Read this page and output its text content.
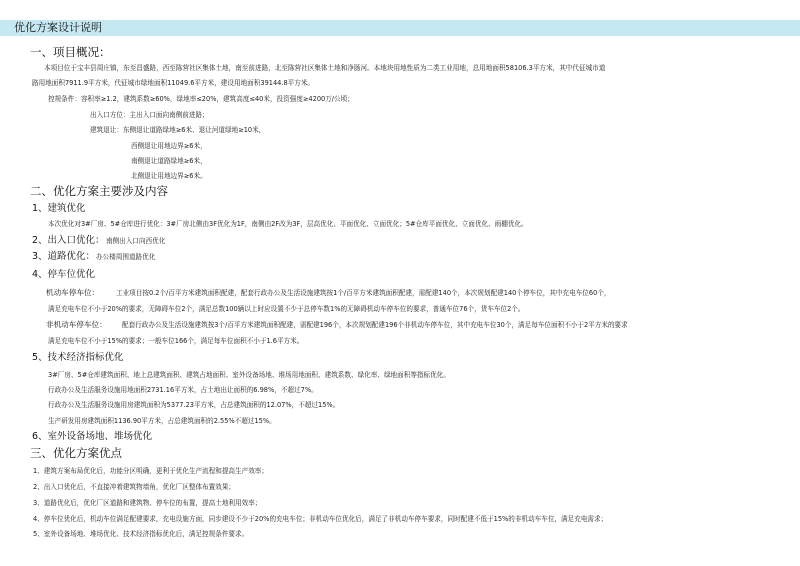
优化方案设计说明
一、项目概况：
本项目位于宝丰县周庄镇，东至昌盛路，西至陈营社区集体土地，南至前进路，北至陈营社区集体土地和净肠河。本地块用地性质为二类工业用地，总用地面积58106.3平方米，其中代征城市道
路用地面积7911.9平方米，代征城市绿地面积11049.6平方米，建设用地面积39144.8平方米。
控规条件：容积率≥1.2，建筑系数≥60%，绿地率≤20%，建筑高度≤40米，投资强度≥4200万/公顷；
出入口方位：主出入口面向南侧前进路；
建筑退让：东侧退让道路绿地≥6米、退让河道绿地≥10米，
西侧退让用地边界≥6米，
南侧退让道路绿地≥6米，
北侧退让用地边界≥6米。
二、优化方案主要涉及内容
1、建筑优化
本次优化对3#厂房、5#仓库进行优化：3#厂房北侧由3F优化为1F，南侧由2F改为3F，层高优化、平面优化、立面优化；5#仓库平面优化、立面优化、雨棚优化。
2、出入口优化： 南侧出入口向西优化
3、道路优化： 办公楼周围道路优化
4、停车位优化
机动车停车位：	工业项目按0.2个/百平方米建筑面积配建，配套行政办公及生活设施建筑按1个/百平方米建筑面积配建，需配建140个，本次规划配建140个停车位，其中充电车位60个，
满足充电车位不小于20%的要求，无障碍车位2个，满足总数100辆以上时应设置不少于总停车数1%的无障碍机动车停车位的要求，普通车位76个，货车车位2个。
非机动车停车位： 配套行政办公及生活设施建筑按3个/百平方米建筑面积配建，需配建196个，本次规划配建196个非机动车停车位，其中充电车位30个，满足每车位面积不小于2平方米的要求
满足充电车位不小于15%的要求；一般车位166个，满足每车位面积不小于1.6平方米。
5、技术经济指标优化
3#厂房、5#仓库建筑面积、地上总建筑面积、建筑占地面积、室外设备场地、堆场用地面积、建筑系数、绿化率、绿地面积等指标优化。
行政办公及生活服务设施用地面积2731.16平方米，占土地出让面积的6.98%，不超过7%。
行政办公及生活服务设施用房建筑面积为5377.23平方米，占总建筑面积的12.07%，不超过15%。
生产研发用房建筑面积1136.90平方米，占总建筑面积的2.55%不超过15%。
6、室外设备场地、堆场优化
三、优化方案优点
1、建筑方案布局优化后，功能分区明确，更利于优化生产流程和提高生产效率；
2、出入口优化后，不直接冲着建筑物墙角，优化厂区整体布置效果；
3、道路优化后，优化厂区道路和建筑物、停车位的布置，提高土地利用效率；
4、停车位优化后，机动车位满足配建要求，充电设施方面，同步建设不少于20%的充电车位；非机动车位优化后，满足了非机动车停车要求，同时配建不低于15%的非机动车车位，满足充电需求；
5、室外设备场地、堆场优化、技术经济指标优化后，满足控规条件要求。
